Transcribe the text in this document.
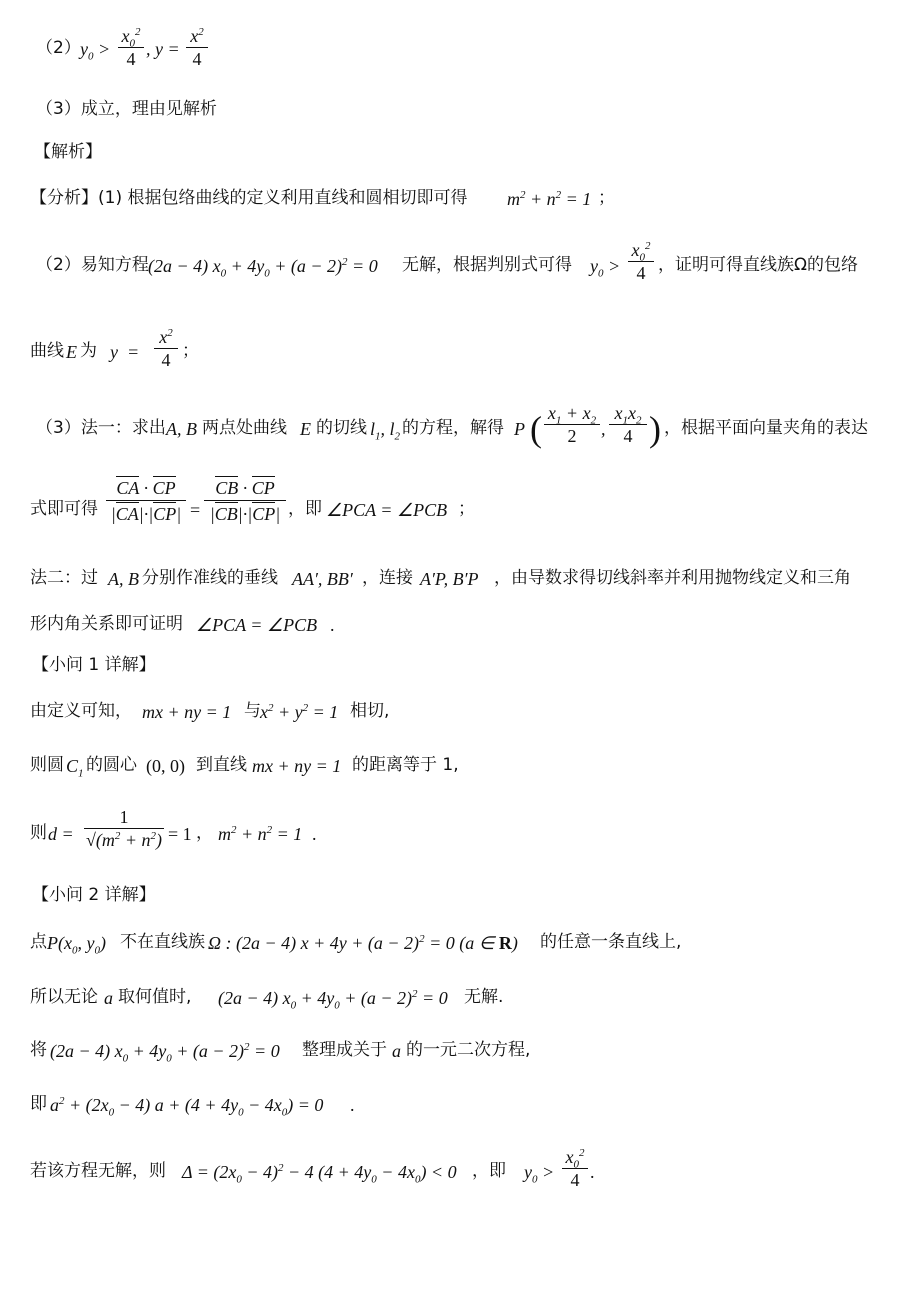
（2） $y_0$ >
$x_0^2$
4 , y =
$x^2$
4
（3）成立，理由见解析
【解析】
【分析】(1) 根据包络曲线的定义利用直线和圆相切即可得 $m^2 + n^2 = 1$ ；
（2）易知方程 (2a − 4) $x_0 + 4y_0 + (a - 2)^2 = 0$ 无解，根据判别式可得 $y_0$ >
$x_0^2$
4 ，证明可得直线族Ω的包络
曲线 E 为 y  =
$x^2$
4 ；
（3）法一：求出 A, B 两点处曲线 E 的切线 $l_1$, $l_2$ 的方程，解得 P ( $x_1 + x_2$
2	,
$x_1x_2$
4 ) ，根据平面向量夹角的表达
式即可得
CA · CP
|CA|·|CP| =
CB · CP
|CB|·|CP| ，即 ∠PCA = ∠PCB ；
法二：过 A, B 分别作准线的垂线 AA′, BB′ ，连接 A′P, B′P ，由导数求得切线斜率并利用抛物线定义和三角
形内角关系即可证明 ∠PCA = ∠PCB .
【小问 1 详解】
由定义可知， mx + ny = 1 与 $x^2 + y^2 = 1$ 相切,
则圆 $C_1$ 的圆心 (0, 0) 到直线 mx + ny = 1 的距离等于 1,
则 d =
1
$√(m^2 + n^2) = 1$ ， $m^2 + n^2 = 1$ .
【小问 2 详解】
点 $P(x_0$, $y_0$) 不在直线族 Ω : (2a − 4) $x + 4y + (a - 2)^2 = 0$ (a ∈ R) 的任意一条直线上,
所以无论 a 取何值时, (2a − 4) $x_0 + 4y_0 + (a - 2)^2 = 0$ 无解.
将 (2a − 4) $x_0 + 4y_0 + (a - 2)^2 = 0$ 整理成关于 a 的一元二次方程,
即 $a^2 + (2x_0 - 4) a + (4 + 4y_0 - 4x_0) = 0$ .
若该方程无解，则 $\Delta = (2x_0 - 4)^2 - 4$ $(4 + 4y_0 - 4x_0) < 0$ ，即 $y_0$ >
$x_0^2$
4 .
